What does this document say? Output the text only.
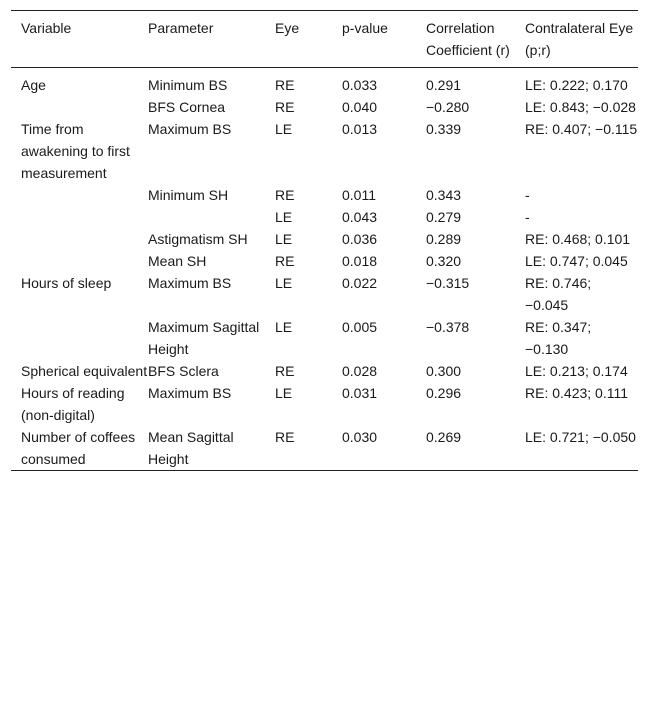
Variable	Parameter	Eye	p-value	Correlation Coefficient (r)	Contralateral Eye (p;r)
Age	Minimum BS	RE	0.033	0.291	LE: 0.222; 0.170
	BFS Cornea	RE	0.040	−0.280	LE: 0.843; −0.028
Time from awakening to first measurement	Maximum BS	LE	0.013	0.339	RE: 0.407; −0.115
	Minimum SH	RE	0.011	0.343	-
		LE	0.043	0.279	-
	Astigmatism SH	LE	0.036	0.289	RE: 0.468; 0.101
	Mean SH	RE	0.018	0.320	LE: 0.747; 0.045
Hours of sleep	Maximum BS	LE	0.022	−0.315	RE: 0.746; −0.045
	Maximum Sagittal Height	LE	0.005	−0.378	RE: 0.347; −0.130
Spherical equivalent	BFS Sclera	RE	0.028	0.300	LE: 0.213; 0.174
Hours of reading (non-digital)	Maximum BS	LE	0.031	0.296	RE: 0.423; 0.111
Number of coffees consumed	Mean Sagittal Height	RE	0.030	0.269	LE: 0.721; −0.050
